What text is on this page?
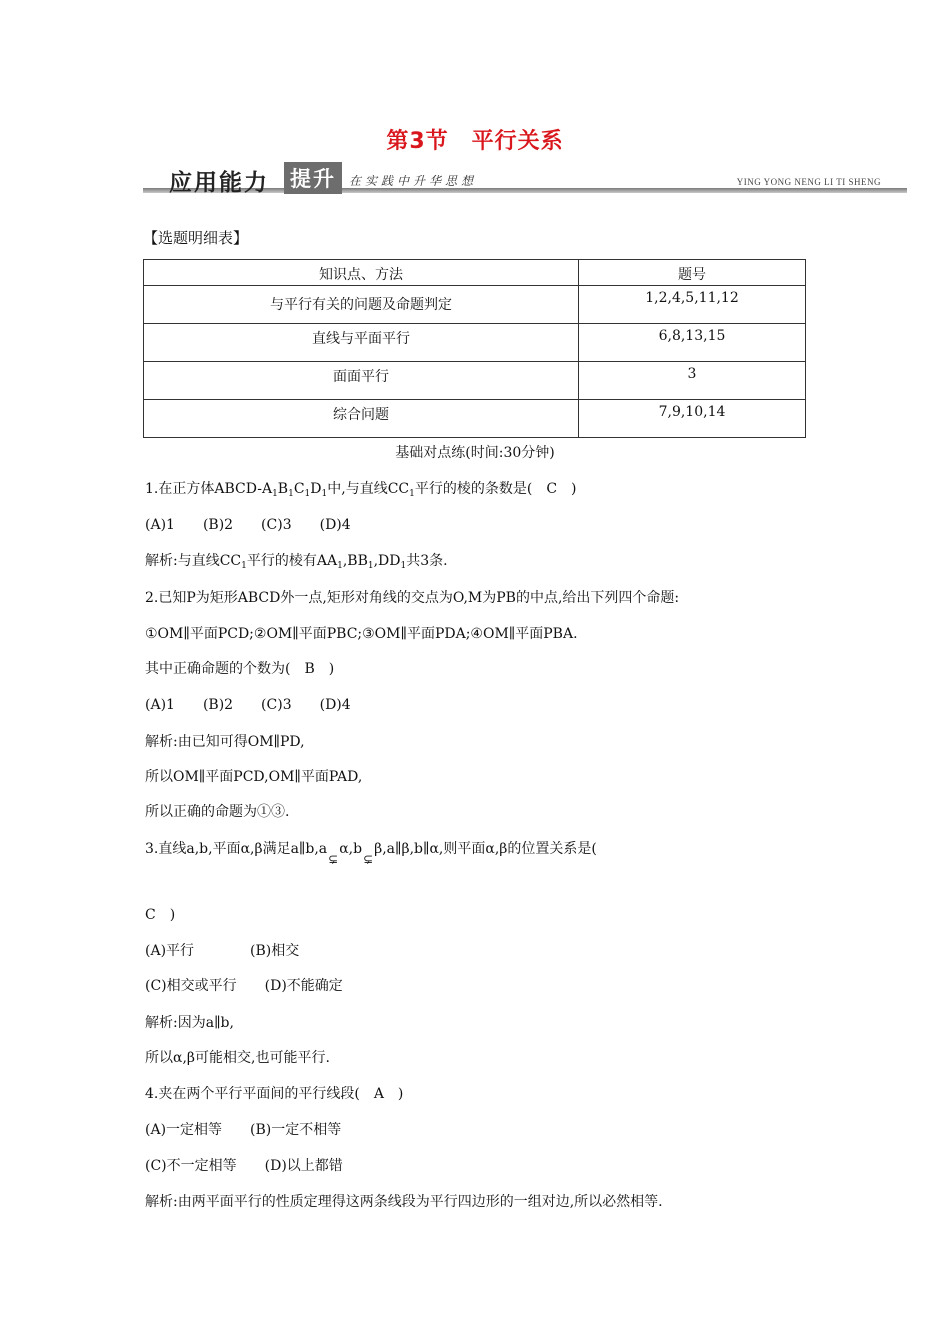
第3节　平行关系
应用能力 提升	在实践中升华思想	YING YONG NENG LI TI SHENG
【选题明细表】
知识点、方法	题号
与平行有关的问题及命题判定	1,2,4,5,11,12
直线与平面平行	6,8,13,15
面面平行	3
综合问题	7,9,10,14
基础对点练(时间:30分钟)
1.在正方体ABCD-$A_1B_1C_1D_1$中,与直线$CC_1$平行的棱的条数是(　C　)
(A)1　　(B)2　　(C)3　　(D)4
解析:与直线$CC_1$平行的棱有$AA_1,BB_1,DD_1$共3条.
2.已知P为矩形ABCD外一点,矩形对角线的交点为O,M为PB的中点,给出下列四个命题:
①OM∥平面PCD;②OM∥平面PBC;③OM∥平面PDA;④OM∥平面PBA.
其中正确命题的个数为(　B　)
(A)1　　(B)2　　(C)3　　(D)4
解析:由已知可得OM∥PD,
所以OM∥平面PCD,OM∥平面PAD,
所以正确的命题为①③.
3.直线a,b,平面α,β满足a∥b,a⊊α,b⊊β,a∥β,b∥α,则平面α,β的位置关系是(
C　)
(A)平行　　　　(B)相交
(C)相交或平行　　(D)不能确定
解析:因为a∥b,
所以α,β可能相交,也可能平行.
4.夹在两个平行平面间的平行线段(　A　)
(A)一定相等　　(B)一定不相等
(C)不一定相等　　(D)以上都错
解析:由两平面平行的性质定理得这两条线段为平行四边形的一组对边,所以必然相等.
